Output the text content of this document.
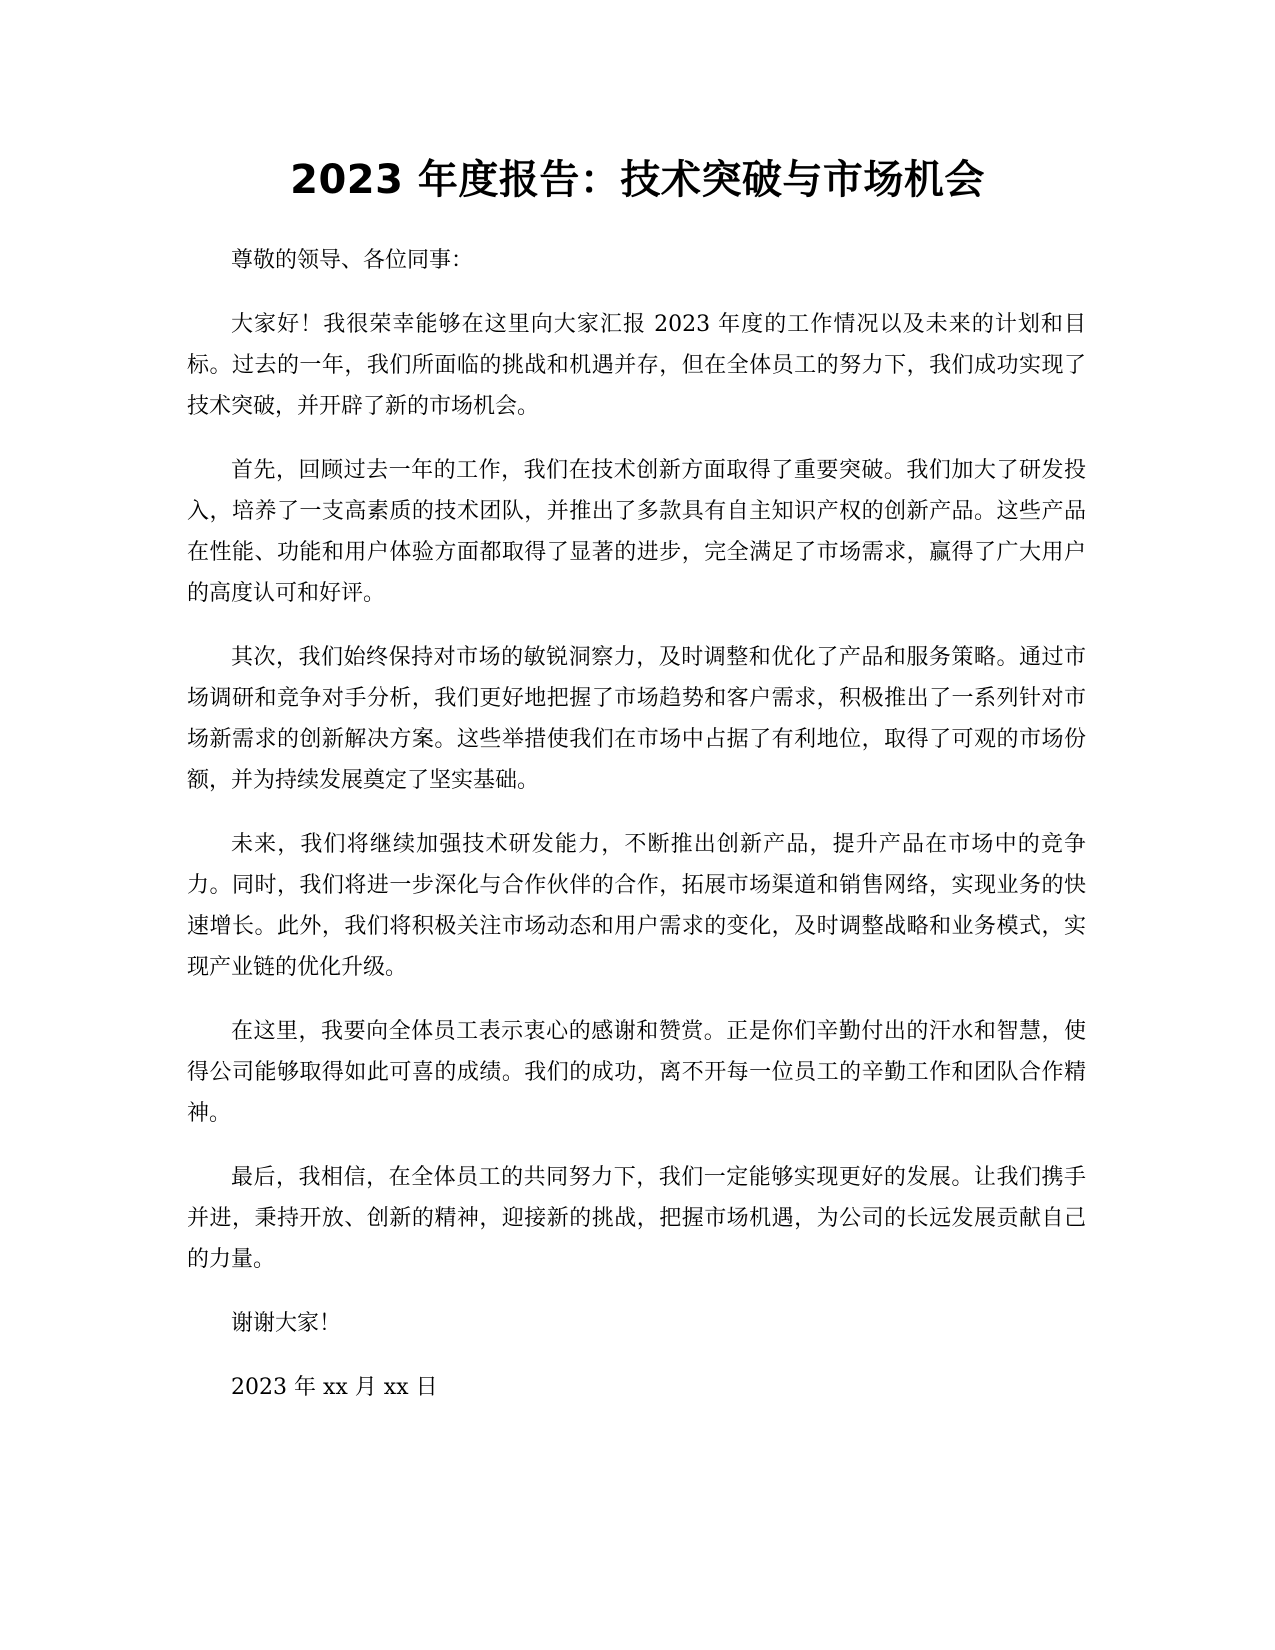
2023 年度报告：技术突破与市场机会

尊敬的领导、各位同事：

大家好！我很荣幸能够在这里向大家汇报 2023 年度的工作情况以及未来的计划和目标。过去的一年，我们所面临的挑战和机遇并存，但在全体员工的努力下，我们成功实现了技术突破，并开辟了新的市场机会。

首先，回顾过去一年的工作，我们在技术创新方面取得了重要突破。我们加大了研发投入，培养了一支高素质的技术团队，并推出了多款具有自主知识产权的创新产品。这些产品在性能、功能和用户体验方面都取得了显著的进步，完全满足了市场需求，赢得了广大用户的高度认可和好评。

其次，我们始终保持对市场的敏锐洞察力，及时调整和优化了产品和服务策略。通过市场调研和竞争对手分析，我们更好地把握了市场趋势和客户需求，积极推出了一系列针对市场新需求的创新解决方案。这些举措使我们在市场中占据了有利地位，取得了可观的市场份额，并为持续发展奠定了坚实基础。

未来，我们将继续加强技术研发能力，不断推出创新产品，提升产品在市场中的竞争力。同时，我们将进一步深化与合作伙伴的合作，拓展市场渠道和销售网络，实现业务的快速增长。此外，我们将积极关注市场动态和用户需求的变化，及时调整战略和业务模式，实现产业链的优化升级。

在这里，我要向全体员工表示衷心的感谢和赞赏。正是你们辛勤付出的汗水和智慧，使得公司能够取得如此可喜的成绩。我们的成功，离不开每一位员工的辛勤工作和团队合作精神。

最后，我相信，在全体员工的共同努力下，我们一定能够实现更好的发展。让我们携手并进，秉持开放、创新的精神，迎接新的挑战，把握市场机遇，为公司的长远发展贡献自己的力量。

谢谢大家！

2023 年 xx 月 xx 日
